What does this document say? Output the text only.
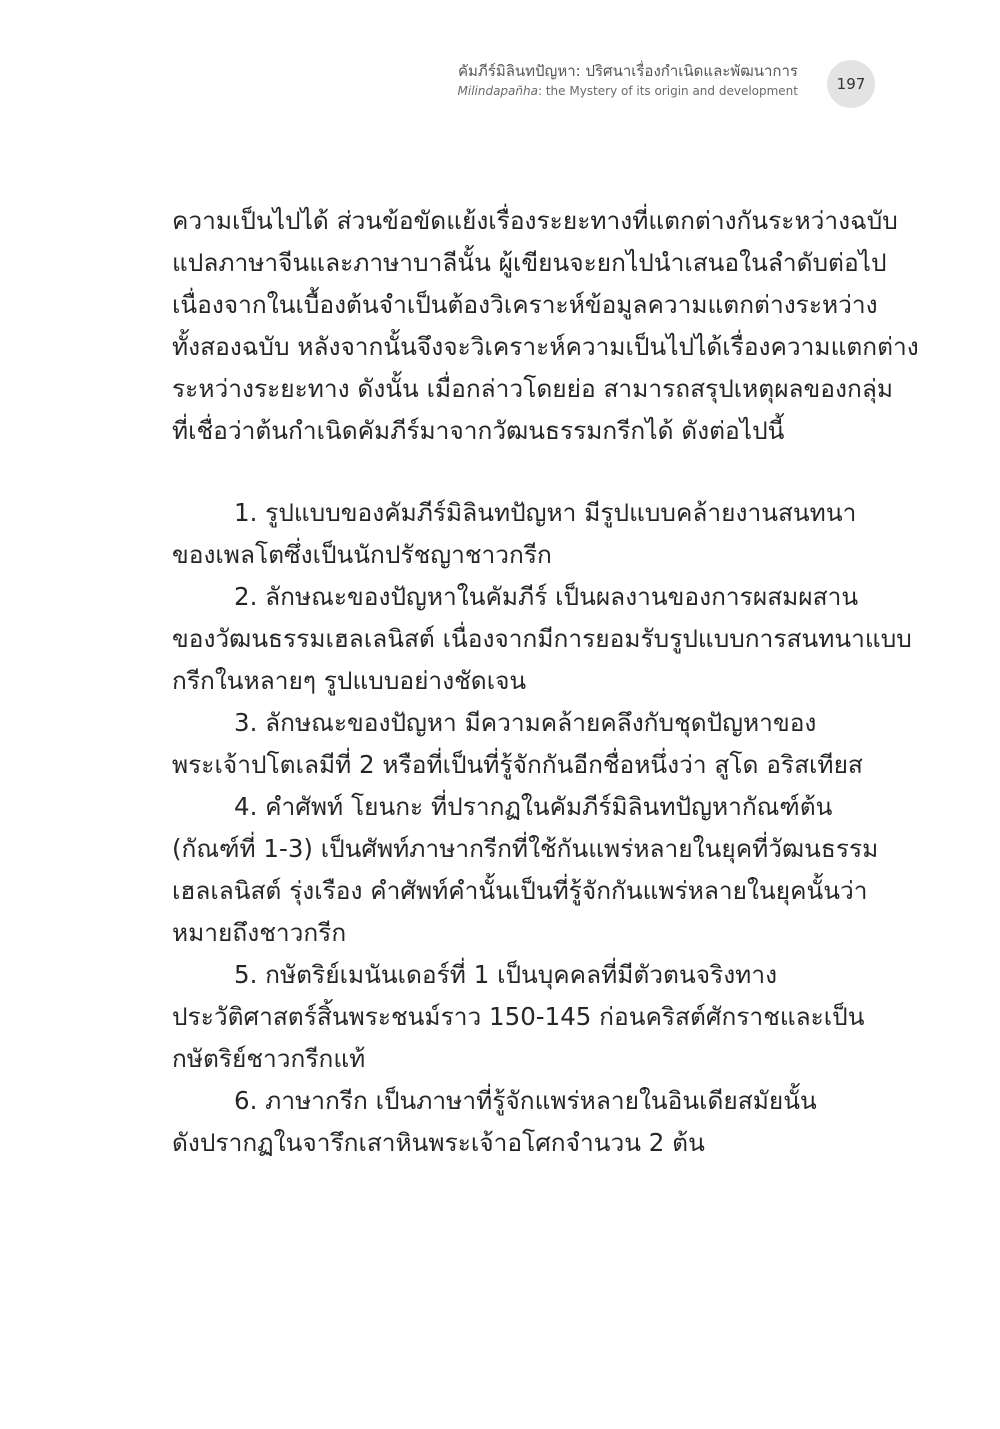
คัมภีร์มิลินทปัญหา: ปริศนาเรื่องกำเนิดและพัฒนาการ
Milindapañha: the Mystery of its origin and development	197

ความเป็นไปได้ ส่วนข้อขัดแย้งเรื่องระยะทางที่แตกต่างกันระหว่างฉบับ
แปลภาษาจีนและภาษาบาลีนั้น ผู้เขียนจะยกไปนำเสนอในลำดับต่อไป
เนื่องจากในเบื้องต้นจำเป็นต้องวิเคราะห์ข้อมูลความแตกต่างระหว่าง
ทั้งสองฉบับ หลังจากนั้นจึงจะวิเคราะห์ความเป็นไปได้เรื่องความแตกต่าง
ระหว่างระยะทาง ดังนั้น เมื่อกล่าวโดยย่อ สามารถสรุปเหตุผลของกลุ่ม
ที่เชื่อว่าต้นกำเนิดคัมภีร์มาจากวัฒนธรรมกรีกได้ ดังต่อไปนี้

1. รูปแบบของคัมภีร์มิลินทปัญหา มีรูปแบบคล้ายงานสนทนา
ของเพลโตซึ่งเป็นนักปรัชญาชาวกรีก

2. ลักษณะของปัญหาในคัมภีร์ เป็นผลงานของการผสมผสาน
ของวัฒนธรรมเฮลเลนิสต์ เนื่องจากมีการยอมรับรูปแบบการสนทนาแบบ
กรีกในหลายๆ รูปแบบอย่างชัดเจน

3. ลักษณะของปัญหา มีความคล้ายคลึงกับชุดปัญหาของ
พระเจ้าปโตเลมีที่ 2 หรือที่เป็นที่รู้จักกันอีกชื่อหนึ่งว่า สูโด อริสเทียส

4. คำศัพท์ โยนกะ ที่ปรากฏในคัมภีร์มิลินทปัญหากัณฑ์ต้น
(กัณฑ์ที่ 1-3) เป็นศัพท์ภาษากรีกที่ใช้กันแพร่หลายในยุคที่วัฒนธรรม
เฮลเลนิสต์ รุ่งเรือง คำศัพท์คำนั้นเป็นที่รู้จักกันแพร่หลายในยุคนั้นว่า
หมายถึงชาวกรีก

5. กษัตริย์เมนันเดอร์ที่ 1 เป็นบุคคลที่มีตัวตนจริงทาง
ประวัติศาสตร์สิ้นพระชนม์ราว 150-145 ก่อนคริสต์ศักราชและเป็น
กษัตริย์ชาวกรีกแท้

6. ภาษากรีก เป็นภาษาที่รู้จักแพร่หลายในอินเดียสมัยนั้น
ดังปรากฏในจารึกเสาหินพระเจ้าอโศกจำนวน 2 ต้น
